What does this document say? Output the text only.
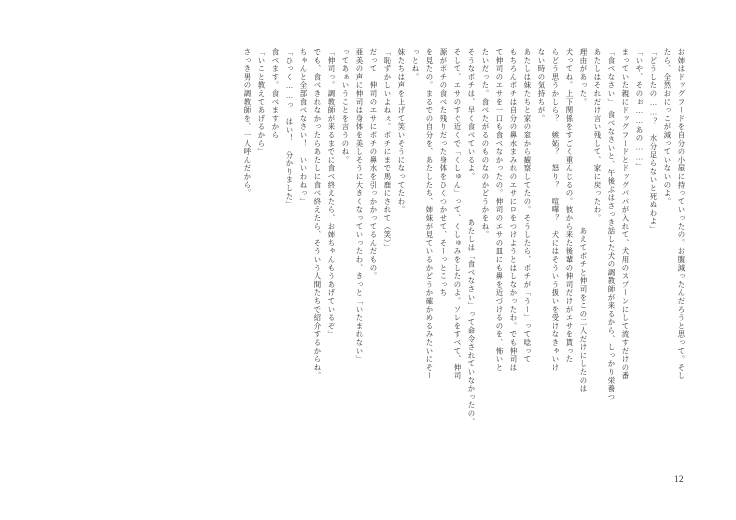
お姉はドッグフードを自分の小屋に持っていったの。お腹減ったんだろうと思って。そし
たら、全然おにっこが減っていないのよ。
「どうしたの……？　水分足らないと死ぬわよ」
「いや、そのぉ……あの……」
まっていた親にドッグフードとドッグパパが入れて、犬用のスプーンにして流すだけの番
「食べなさい」　食べなさいと、午後ぶはさっき話した犬の調教師が来るから、しっかり栄養つ
あたしはそれだけ言い残して、家に戻ったわ。
理由があった。　　　　　　　　　　　　　　　あえてポチと伸司をこの二人だけにしたのは
犬ってね。上下関係をすごく重んじるの。彼から来た後輩の伸司だけがエサを貰った
らどう思うかしら？　嫉妬？　怒り？　喧嘩？　犬にはそういう扱いを受けなきゃいけ
ない時の気持ちが。
あたしは妹たちと家の窓から観察してたの。そうしたら、ポチが「うー」って唸って
もちろんポチは自分の鼻水まみれのエサにロをつけようとはしなかったわ。でも伸司は
て伸司のエサを一口も食べなかったの。伸司のエサの皿にも鼻を近づけるのを、怖いと
たいだった。食べたがるのものなのかどうかをね。
そうなボチは、早く食べているよ。　　　　　あたしは「食べなさい」って命令されていなかったの、
そして、エサのすぐ近くで「くしゅん」って、くしゅみをしたのよ。ソレをすべて、伸司
源がポチの食べた残りだった身体をひくつかせて、そーっとこっち
を見たの。まるでの自分を、あたしたち、姉妹が見ているかどうか確かめるみたいにそー
っとね。
妹たちは声を上げて笑いそうになってたわ。
「恥ずかしいよねぇ。ポチにまで馬鹿にされて（笑）」
だって　伸司のエサにポチの鼻水を引っかかってるんだもの。
亜美の声に伸司は身体を美しそうに大きくなっていったわ、きっと「いたまれない」
ってあぁいうことを言うのね。
「伸司っ。調教師が来るまでに食べ終えたら、お姉ちゃんもうあげているぞ」
でも、食べきれなかったらあたしに食べ終えたら、そういう人間たちで紹介するからね。
ちゃんと全部食べなさい！　いいわねっ」
「ひっく……っ　はい！　分かりました」
食べます。食べますから
「いこと教えてあげるから」
さっき男の調教師を、一人呼んだから。
12
